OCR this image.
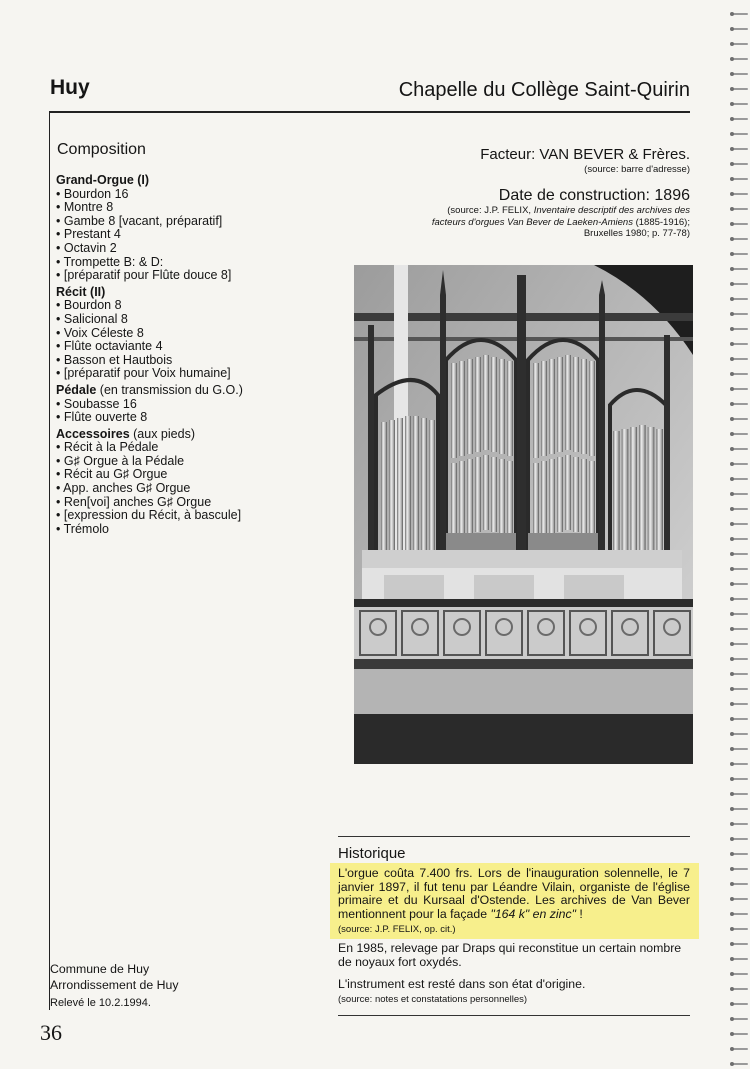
Huy	Chapelle du Collège Saint-Quirin
Composition
Grand-Orgue (I)
• Bourdon 16
• Montre 8
• Gambe 8 [vacant, préparatif]
• Prestant 4
• Octavin 2
• Trompette B: & D:
• [préparatif pour Flûte douce 8]
Récit (II)
• Bourdon 8
• Salicional 8
• Voix Céleste 8
• Flûte octaviante 4
• Basson et Hautbois
• [préparatif pour Voix humaine]
Pédale (en transmission du G.O.)
• Soubasse 16
• Flûte ouverte 8
Accessoires (aux pieds)
• Récit à la Pédale
• G♯ Orgue à la Pédale
• Récit au G♯ Orgue
• App. anches G♯ Orgue
• Ren[voi] anches G♯ Orgue
• [expression du Récit, à bascule]
• Trémolo
Facteur: VAN BEVER & Frères.
(source: barre d'adresse)
Date de construction: 1896
(source: J.P. FELIX, Inventaire descriptif des archives des facteurs d'orgues Van Bever de Laeken-Amiens (1885-1916); Bruxelles 1980; p. 77-78)
Historique
L'orgue coûta 7.400 frs. Lors de l'inauguration solennelle, le 7 janvier 1897, il fut tenu par Léandre Vilain, organiste de l'église primaire et du Kursaal d'Ostende. Les archives de Van Bever mentionnent pour la façade "164 k" en zinc" !
(source: J.P. FELIX, op. cit.)
En 1985, relevage par Draps qui reconstitue un certain nombre de noyaux fort oxydés.
L'instrument est resté dans son état d'origine.
(source: notes et constatations personnelles)
Commune de Huy
Arrondissement de Huy
Relevé le 10.2.1994.
36
